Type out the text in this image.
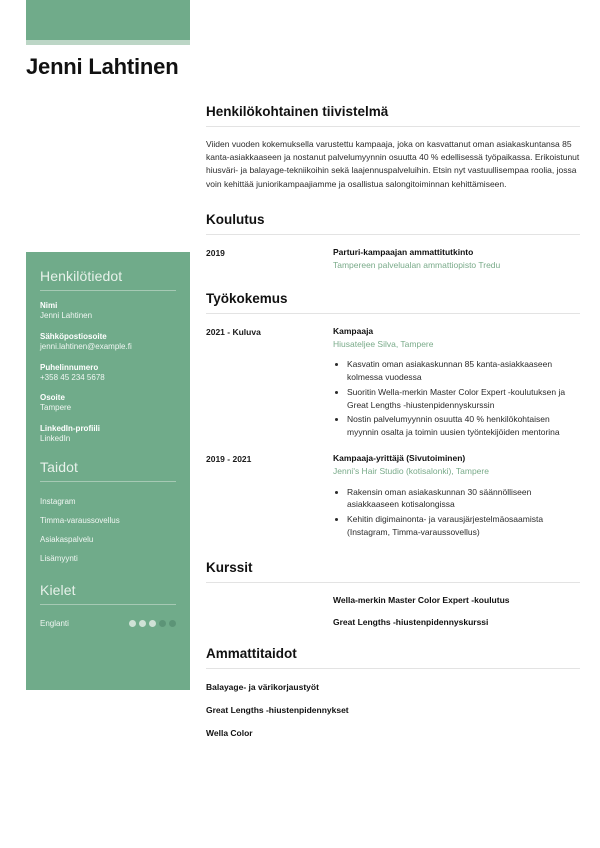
Jenni Lahtinen
Henkilötiedot
Nimi
Jenni Lahtinen
Sähköpostiosoite
jenni.lahtinen@example.fi
Puhelinnumero
+358 45 234 5678
Osoite
Tampere
LinkedIn-profiili
LinkedIn
Taidot
Instagram
Timma-varaussovellus
Asiakaspalvelu
Lisämyynti
Kielet
Englanti
Henkilökohtainen tiivistelmä

Viiden vuoden kokemuksella varustettu kampaaja, joka on kasvattanut oman asiakaskuntansa 85 kanta-asiakkaaseen ja nostanut palvelumyynnin osuutta 40 % edellisessä työpaikassa. Erikoistunut hiusväri- ja balayage-tekniikoihin sekä laajennuspalveluihin. Etsin nyt vastuullisempaa roolia, jossa voin kehittää juniorikampaajiamme ja osallistua salongitoiminnan kehittämiseen.

Koulutus
2019	Parturi-kampaajan ammattitutkinto
Tampereen palvelualan ammattiopisto Tredu
Työkokemus
2021 - Kuluva	Kampaaja
Hiusateljee Silva, Tampere
• Kasvatin oman asiakaskunnan 85 kanta-asiakkaaseen kolmessa vuodessa
• Suoritin Wella-merkin Master Color Expert -koulutuksen ja Great Lengths -hiustenpidennyskurssin
• Nostin palvelumyynnin osuutta 40 % henkilökohtaisen myynnin osalta ja toimin uusien työntekijöiden mentorina
2019 - 2021	Kampaaja-yrittäjä (Sivutoiminen)
Jenni's Hair Studio (kotisalonki), Tampere
• Rakensin oman asiakaskunnan 30 säännölliseen asiakkaaseen kotisalongissa
• Kehitin digimainonta- ja varausjärjestelmäosaamista (Instagram, Timma-varaussovellus)
Kurssit
Wella-merkin Master Color Expert -koulutus
Great Lengths -hiustenpidennyskurssi
Ammattitaidot
Balayage- ja värikorjaustyöt
Great Lengths -hiustenpidennykset
Wella Color
